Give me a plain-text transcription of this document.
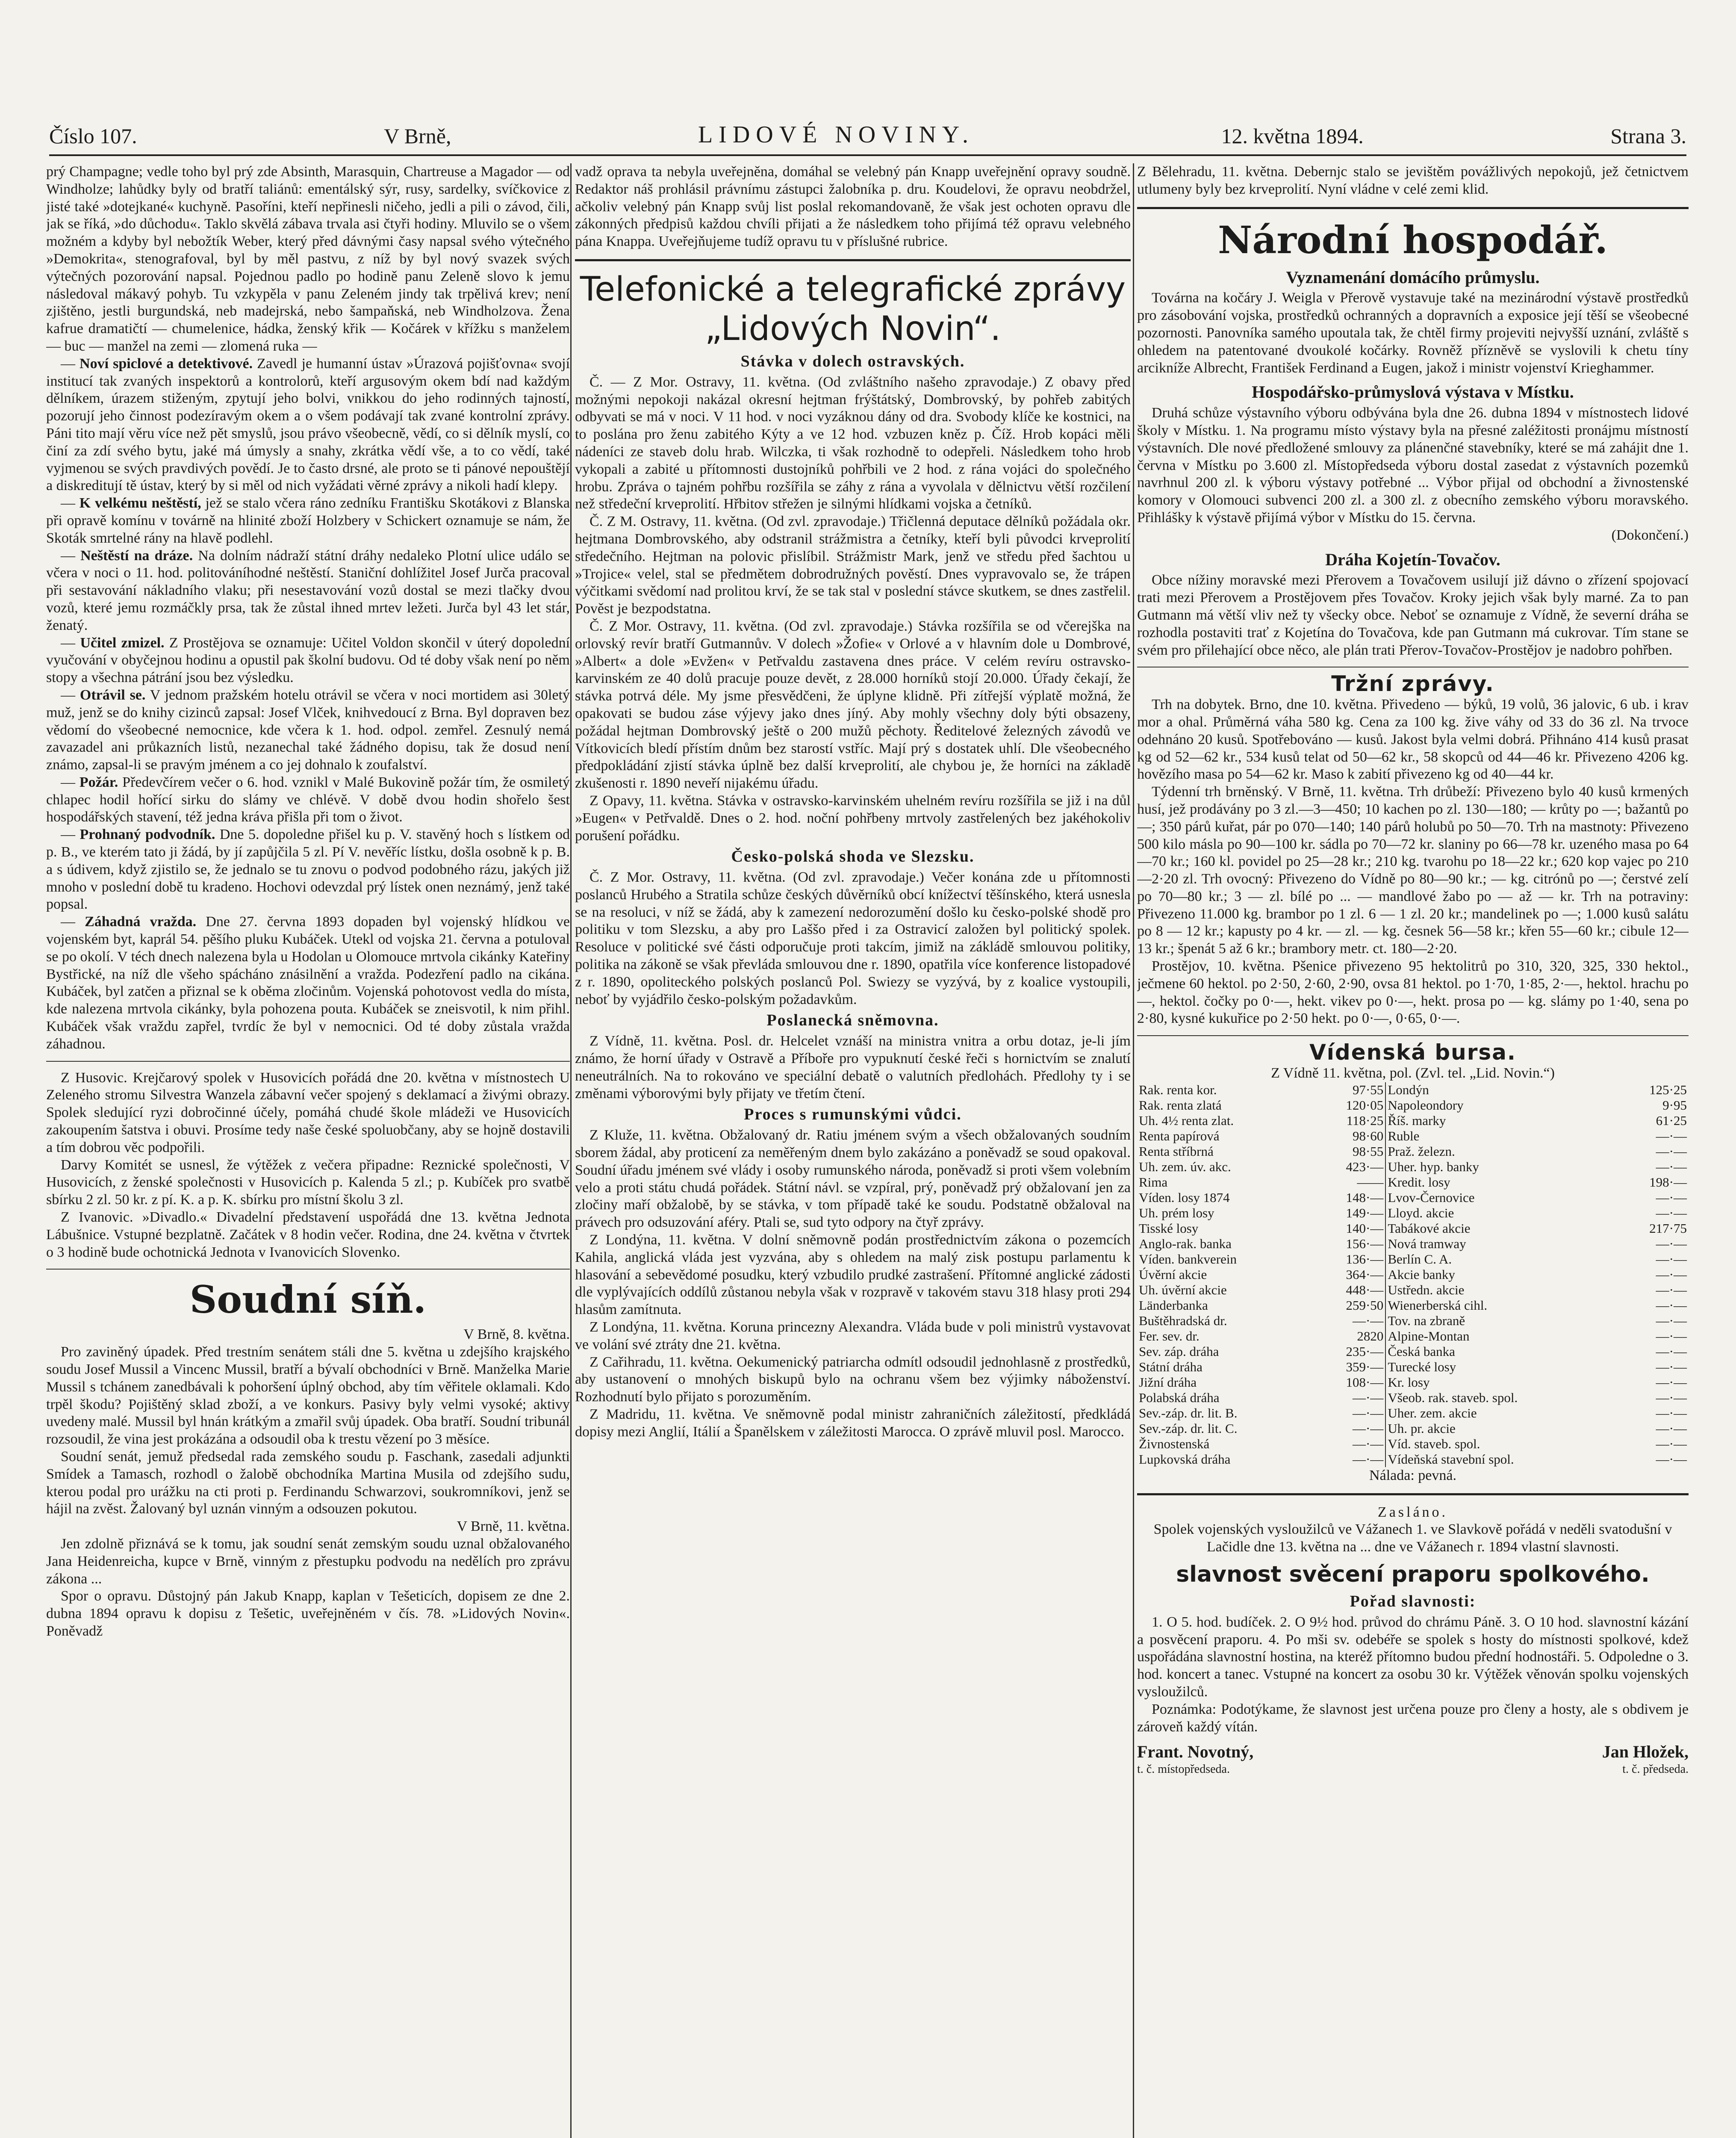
Číslo 107.	V Brně,	LIDOVÉ NOVINY.	12. května 1894.	Strana 3.

prý Champagne; vedle toho byl prý zde Absinth, Marasquin, Chartreuse a Magador — od Windholze; lahůdky byly od bratří taliánů: ementálský sýr, rusy, sardelky, svíčkovice z jisté také »dotejkané« kuchyně. Pasoříni, kteří nepřinesli ničeho, jedli a pili o závod, čili, jak se říká, »do důchodu«. Taklo skvělá zábava trvala asi čtyři hodiny. Mluvilo se o všem možném a kdyby byl nebožtík Weber, který před dávnými časy napsal svého výtečného »Demokrita«, stenografoval, byl by měl pastvu, z níž by byl nový svazek svých výtečných pozorování napsal. Pojednou padlo po hodině panu Zeleně slovo k jemu následoval mákavý pohyb. Tu vzkypěla v panu Zeleném jindy tak trpělivá krev; není zjištěno, jestli burgundská, neb madejrská, nebo šampaňská, neb Windholzova. Žena kafrue dramatičtí — chumelenice, hádka, ženský křik — Kočárek v křížku s manželem — buc — manžel na zemi — zlomená ruka —

— Noví spiclové a detektivové. Zavedl je humanní ústav »Úrazová pojišťovna« svojí institucí tak zvaných inspektorů a kontrolorů, kteří argusovým okem bdí nad každým dělníkem, úrazem stiženým, zpytují jeho bolvi, vnikkou do jeho rodinných tajností, pozorují jeho činnost podezíravým okem a o všem podávají tak zvané kontrolní zprávy. Páni tito mají věru více než pět smyslů, jsou právo všeobecně, vědí, co si dělník myslí, co činí za zdí svého bytu, jaké má úmysly a snahy, zkrátka vědí vše, a to co vědí, také vyjmenou se svých pravdivých povědí. Je to často drsné, ale proto se ti pánové nepouštějí a diskreditují tě ústav, který by si měl od nich vyžádati věrné zprávy a nikoli hadí klepy.

— K velkému neštěstí, jež se stalo včera ráno zedníku Františku Skotákovi z Blanska při opravě komínu v továrně na hlinité zboží Holzbery v Schickert oznamuje se nám, že Skoták smrtelné rány na hlavě podlehl.

— Neštěstí na dráze. Na dolním nádraží státní dráhy nedaleko Plotní ulice událo se včera v noci o 11. hod. politováníhodné neštěstí. Staniční dohlížitel Josef Jurča pracoval při sestavování nákladního vlaku; při nesestavování vozů dostal se mezi tlačky dvou vozů, které jemu rozmáčkly prsa, tak že zůstal ihned mrtev ležeti. Jurča byl 43 let stár, ženatý.

— Učitel zmizel. Z Prostějova se oznamuje: Učitel Voldon skončil v úterý dopolední vyučování v obyčejnou hodinu a opustil pak školní budovu. Od té doby však není po něm stopy a všechna pátrání jsou bez výsledku.

— Otrávil se. V jednom pražském hotelu otrávil se včera v noci mortidem asi 30letý muž, jenž se do knihy cizinců zapsal: Josef Vlček, knihvedoucí z Brna. Byl dopraven bez vědomí do všeobecné nemocnice, kde včera k 1. hod. odpol. zemřel. Zesnulý nemá zavazadel ani průkazních listů, nezanechal také žádného dopisu, tak že dosud není známo, zapsal-li se pravým jménem a co jej dohnalo k zoufalství.

— Požár. Předevčírem večer o 6. hod. vznikl v Malé Bukovině požár tím, že osmiletý chlapec hodil hořící sirku do slámy ve chlévě. V době dvou hodin shořelo šest hospodářských stavení, též jedna kráva přišla při tom o život.

— Prohnaný podvodník. Dne 5. dopoledne přišel ku p. V. stavěný hoch s lístkem od p. B., ve kterém tato ji žádá, by jí zapůjčila 5 zl. Pí V. nevěříc lístku, došla osobně k p. B. a s údivem, když zjistilo se, že jednalo se tu znovu o podvod podobného rázu, jakých již mnoho v poslední době tu kradeno. Hochovi odevzdal prý lístek onen neznámý, jenž také popsal.

— Záhadná vražda. Dne 27. června 1893 dopaden byl vojenský hlídkou ve vojenském byt, kaprál 54. pěšího pluku Kubáček. Utekl od vojska 21. června a potuloval se po okolí. V téch dnech nalezena byla u Hodolan u Olomouce mrtvola cikánky Kateřiny Bystřické, na níž dle všeho spácháno znásilnění a vražda. Podezření padlo na cikána. Kubáček, byl zatčen a přiznal se k oběma zločinům. Vojenská pohotovost vedla do místa, kde nalezena mrtvola cikánky, byla pohozena pouta. Kubáček se zneisvotil, k nim přihl. Kubáček však vraždu zapřel, tvrdíc že byl v nemocnici. Od té doby zůstala vražda záhadnou.

Z Husovic. Krejčarový spolek v Husovicích pořádá dne 20. května v místnostech U Zeleného stromu Silvestra Wanzela zábavní večer spojený s deklamací a živými obrazy. Spolek sledující ryzi dobročinné účely, pomáhá chudé škole mládeži ve Husovicích zakoupením šatstva i obuvi. Prosíme tedy naše české spoluobčany, aby se hojně dostavili a tím dobrou věc podpořili.

Darvy Komitét se usnesl, že výtěžek z večera připadne: Reznické společnosti, V Husovicích, z ženské společnosti v Husovicích p. Kalenda 5 zl.; p. Kubíček pro svatbě sbírku 2 zl. 50 kr. z pí. K. a p. K. sbírku pro místní školu 3 zl.

Z Ivanovic. »Divadlo.« Divadelní představení uspořádá dne 13. května Jednota Lábušnice. Vstupné bezplatně. Začátek v 8 hodin večer. Rodina, dne 24. května v čtvrtek o 3 hodině bude ochotnická Jednota v Ivanovicích Slovenko.

Soudní síň.

V Brně, 8. května.

Pro zaviněný úpadek. Před trestním senátem stáli dne 5. května u zdejšího krajského soudu Josef Mussil a Vincenc Mussil, bratří a bývalí obchodníci v Brně. Manželka Marie Mussil s tchánem zanedbávali k pohoršení úplný obchod, aby tím věřitele oklamali. Kdo trpěl škodu? Pojištěný sklad zboží, a ve konkurs. Pasivy byly velmi vysoké; aktivy uvedeny malé. Mussil byl hnán krátkým a zmařil svůj úpadek. Oba bratří. Soudní tribunál rozsoudil, že vina jest prokázána a odsoudil oba k trestu vězení po 3 měsíce.

Soudní senát, jemuž předsedal rada zemského soudu p. Faschank, zasedali adjunkti Smídek a Tamasch, rozhodl o žalobě obchodníka Martina Musila od zdejšího sudu, kterou podal pro urážku na cti proti p. Ferdinandu Schwarzovi, soukromníkovi, jenž se hájil na zvěst. Žalovaný byl uznán vinným a odsouzen pokutou.

V Brně, 11. května.

Jen zdolně přiznává se k tomu, jak soudní senát zemským soudu uznal obžalovaného Jana Heidenreicha, kupce v Brně, vinným z přestupku podvodu na nedělích pro zprávu zákona ...

Spor o opravu. Důstojný pán Jakub Knapp, kaplan v Tešeticích, dopisem ze dne 2. dubna 1894 opravu k dopisu z Tešetic, uveřejněném v čís. 78. »Lidových Novin«. Poněvadž

vadž oprava ta nebyla uveřejněna, domáhal se velebný pán Knapp uveřejnění opravy soudně. Redaktor náš prohlásil právnímu zástupci žalobníka p. dru. Koudelovi, že opravu neobdržel, ačkoliv velebný pán Knapp svůj list poslal rekomandovaně, že však jest ochoten opravu dle zákonných předpisů každou chvíli přijati a že následkem toho přijímá též opravu velebného pána Knappa. Uveřejňujeme tudíž opravu tu v příslušné rubrice.

Telefonické a telegrafické zprávy „Lidových Novin“.
Stávka v dolech ostravských.

Č. — Z Mor. Ostravy, 11. května. (Od zvláštního našeho zpravodaje.) Z obavy před možnými nepokoji nakázal okresní hejtman frýštátský, Dombrovský, by pohřeb zabitých odbyvati se má v noci. V 11 hod. v noci vyzáknou dány od dra. Svobody klíče ke kostnici, na to poslána pro ženu zabitého Kýty a ve 12 hod. vzbuzen kněz p. Číž. Hrob kopáci měli nádeníci ze staveb dolu hrab. Wilczka, ti však rozhodně to odepřeli. Následkem toho hrob vykopali a zabité u přítomnosti dustojníků pohřbili ve 2 hod. z rána vojáci do společného hrobu. Zpráva o tajném pohřbu rozšířila se záhy z rána a vyvolala v dělnictvu větší rozčilení než středeční krveprolití. Hřbitov střežen je silnými hlídkami vojska a četníků.

Č. Z M. Ostravy, 11. května. (Od zvl. zpravodaje.) Třičlenná deputace dělníků požádala okr. hejtmana Dombrovského, aby odstranil strážmistra a četníky, kteří byli původci krveprolití středečního. Hejtman na polovic přislíbil. Strážmistr Mark, jenž ve středu před šachtou u »Trojice« velel, stal se předmětem dobrodružných pověstí. Dnes vypravovalo se, že trápen výčitkami svědomí nad prolitou krví, že se tak stal v poslední stávce skutkem, se dnes zastřelil. Pověst je bezpodstatna.

Č. Z Mor. Ostravy, 11. května. (Od zvl. zpravodaje.) Stávka rozšířila se od včerejška na orlovský revír bratří Gutmannův. V dolech »Žofie« v Orlové a v hlavním dole u Dombrové, »Albert« a dole »Evžen« v Petřvaldu zastavena dnes práce. V celém revíru ostravsko-karvinském ze 40 dolů pracuje pouze devět, z 28.000 horníků stojí 20.000. Úřady čekají, že stávka potrvá déle. My jsme přesvědčeni, že úplyne klidně. Při zítřejší výplatě možná, že opakovati se budou záse výjevy jako dnes jíný. Aby mohly všechny doly býti obsazeny, požádal hejtman Dombrovský ještě o 200 mužů pěchoty. Ředitelové železných závodů ve Vítkovicích bledí přístím dnům bez starostí vstříc. Mají prý s dostatek uhlí. Dle všeobecného předpokládání zjistí stávka úplně bez další krveprolití, ale chybou je, že horníci na základě zkušenosti r. 1890 neveří nijakému úřadu.

Z Opavy, 11. května. Stávka v ostravsko-karvinském uhelném revíru rozšířila se již i na důl »Eugen« v Petřvaldě. Dnes o 2. hod. noční pohřbeny mrtvoly zastřelených bez jakéhokoliv porušení pořádku.

Česko-polská shoda ve Slezsku.

Č. Z Mor. Ostravy, 11. května. (Od zvl. zpravodaje.) Večer konána zde u přítomnosti poslanců Hrubého a Stratila schůze českých důvěrníků obcí knížectví těšínského, která usnesla se na resoluci, v níž se žádá, aby k zamezení nedorozumění došlo ku česko-polské shodě pro politiku v tom Slezsku, a aby pro Laššo před i za Ostravicí založen byl politický spolek. Resoluce v politické své části odporučuje proti takcím, jimiž na zákládě smlouvou politiky, politika na zákoně se však převláda smlouvou dne r. 1890, opatřila více konference listopadové z r. 1890, opoliteckého polských poslanců Pol. Swiezy se vyzývá, by z koalice vystoupili, neboť by vyjádřilo česko-polským požadavkům.

Poslanecká sněmovna.

Z Vídně, 11. května. Posl. dr. Helcelet vznáší na ministra vnitra a orbu dotaz, je-li jím známo, že horní úřady v Ostravě a Příboře pro vypuknutí české řeči s hornictvím se znalutí neneutrálních. Na to rokováno ve speciální debatě o valutních předlohách. Předlohy ty i se změnami výborovými byly přijaty ve třetím čtení.

Proces s rumunskými vůdci.

Z Kluže, 11. května. Obžalovaný dr. Ratiu jménem svým a všech obžalovaných soudním sborem žádal, aby proticení za neměřeným dnem bylo zakázáno a poněvadž se soud opakoval. Soudní úřadu jménem své vlády i osoby rumunského národa, poněvadž si proti všem volebním velo a proti státu chudá pořádek. Státní návl. se vzpíral, prý, poněvadž prý obžalovaní jen za zločiny maří obžalobě, by se stávka, v tom případě také ke soudu. Podstatně obžaloval na právech pro odsuzování aféry. Ptali se, sud tyto odpory na čtyř zprávy.

Z Londýna, 11. května. V dolní sněmovně podán prostřednictvím zákona o pozemcích Kahila, anglická vláda jest vyzvána, aby s ohledem na malý zisk postupu parlamentu k hlasování a sebevědomé posudku, který vzbudilo prudké zastrašení. Přítomné anglické zádosti dle vyplývajících oddílů zůstanou nebyla však v rozpravě v takovém stavu 318 hlasy proti 294 hlasům zamítnuta.

Z Londýna, 11. května. Koruna princezny Alexandra. Vláda bude v poli ministrů vystavovat ve volání své ztráty dne 21. května.

Z Cařihradu, 11. května. Oekumenický patriarcha odmítl odsoudil jednohlasně z prostředků, aby ustanovení o mnohých biskupů bylo na ochranu všem bez výjimky náboženství. Rozhodnutí bylo přijato s porozuměním.

Z Madridu, 11. května. Ve sněmovně podal ministr zahraničních záležitostí, předkládá dopisy mezi Anglií, Itálií a Španělskem v záležitosti Marocca. O zprávě mluvil posl. Marocco.

Z Bělehradu, 11. května. Debernjc stalo se jevištěm povážlivých nepokojů, jež četnictvem utlumeny byly bez krveprolití. Nyní vládne v celé zemi klid.

Národní hospodář.
Vyznamenání domácího průmyslu.

Továrna na kočáry J. Weigla v Přerově vystavuje také na mezinárodní výstavě prostředků pro zásobování vojska, prostředků ochranných a dopravních a exposice její těší se všeobecné pozornosti. Panovníka samého upoutala tak, že chtěl firmy projeviti nejvyšší uznání, zvláště s ohledem na patentované dvoukolé kočárky. Rovněž přízněvě se vyslovili k chetu tíny arcikníže Albrecht, František Ferdinand a Eugen, jakož i ministr vojenství Krieghammer.

Hospodářsko-průmyslová výstava v Místku.

Druhá schůze výstavního výboru odbývána byla dne 26. dubna 1894 v místnostech lidové školy v Místku. 1. Na programu místo výstavy byla na přesné zaléžitosti pronájmu místností výstavních. Dle nové předložené smlouvy za plánenčné stavebníky, které se má zahájit dne 1. června v Místku po 3.600 zl. Místopředseda výboru dostal zasedat z výstavních pozemků navrhnul 200 zl. k výboru výstavy potřebné ... Výbor přijal od obchodní a živnostenské komory v Olomouci subvenci 200 zl. a 300 zl. z obecního zemského výboru moravského. Přihlášky k výstavě přijímá výbor v Místku do 15. června.

(Dokončení.)

Dráha Kojetín-Tovačov.

Obce nížiny moravské mezi Přerovem a Tovačovem usilují již dávno o zřízení spojovací trati mezi Přerovem a Prostějovem přes Tovačov. Kroky jejich však byly marné. Za to pan Gutmann má větší vliv než ty všecky obce. Neboť se oznamuje z Vídně, že severní dráha se rozhodla postaviti trať z Kojetína do Tovačova, kde pan Gutmann má cukrovar. Tím stane se svém pro přilehající obce něco, ale plán trati Přerov-Tovačov-Prostějov je nadobro pohřben.

Tržní zprávy.

Trh na dobytek. Brno, dne 10. května. Přivedeno — býků, 19 volů, 36 jalovic, 6 ub. i krav mor a ohal. Průměrná váha 580 kg. Cena za 100 kg. žive váhy od 33 do 36 zl. Na trvoce odehnáno 20 kusů. Spotřebováno — kusů. Jakost byla velmi dobrá. Přihnáno 414 kusů prasat kg od 52—62 kr., 534 kusů telat od 50—62 kr., 58 skopců od 44—46 kr. Přivezeno 4206 kg. hovězího masa po 54—62 kr. Maso k zabití přivezeno kg od 40—44 kr.

Týdenní trh brněnský. V Brně, 11. května. Trh drůbeží: Přivezeno bylo 40 kusů krmených husí, jež prodávány po 3 zl.—3—450; 10 kachen po zl. 130—180; — krůty po —; bažantů po —; 350 párů kuřat, pár po 070—140; 140 párů holubů po 50—70. Trh na mastnoty: Přivezeno 500 kilo másla po 90—100 kr. sádla po 70—72 kr. slaniny po 66—78 kr. uzeného masa po 64—70 kr.; 160 kl. povidel po 25—28 kr.; 210 kg. tvarohu po 18—22 kr.; 620 kop vajec po 210—2·20 zl. Trh ovocný: Přivezeno do Vídně po 80—90 kr.; — kg. citrónů po —; čerstvé zelí po 70—80 kr.; 3 — zl. bílé po ... — mandlové žabo po — až — kr. Trh na potraviny: Přivezeno 11.000 kg. brambor po 1 zl. 6 — 1 zl. 20 kr.; mandelinek po —; 1.000 kusů salátu po 8 — 12 kr.; kapusty po 4 kr. — zl. — kg. česnek 56—58 kr.; křen 55—60 kr.; cibule 12—13 kr.; špenát 5 až 6 kr.; brambory metr. ct. 180—2·20.

Prostějov, 10. května. Pšenice přivezeno 95 hektolitrů po 310, 320, 325, 330 hektol., ječmene 60 hektol. po 2·50, 2·60, 2·90, ovsa 81 hektol. po 1·70, 1·85, 2·—, hektol. hrachu po —, hektol. čočky po 0·—, hekt. vikev po 0·—, hekt. prosa po — kg. slámy po 1·40, sena po 2·80, kysné kukuřice po 2·50 hekt. po 0·—, 0·65, 0·—.

Vídenská bursa.

Z Vídně 11. května, pol. (Zvl. tel. „Lid. Novin.“)

Rak. renta kor.	97·55	Londýn	125·25
Rak. renta zlatá	120·05	Napoleondory	9·95
Uh. 4½ renta zlat.	118·25	Říš. marky	61·25
Renta papírová	98·60	Ruble	—·—
Renta stříbrná	98·55	Praž. železn.	—·—
Uh. zem. úv. akc.	423·—	Uher. hyp. banky	—·—
Rima	——	Kredit. losy	198·—
Víden. losy 1874	148·—	Lvov-Černovice	—·—
Uh. prém losy	149·—	Lloyd. akcie	—·—
Tisské losy	140·—	Tabákové akcie	217·75
Anglo-rak. banka	156·—	Nová tramway	—·—
Víden. bankverein	136·—	Berlín C. A.	—·—
Úvěrní akcie	364·—	Akcie banky	—·—
Uh. úvěrní akcie	448·—	Ustředn. akcie	—·—
Länderbanka	259·50	Wienerberská cihl.	—·—
Buštěhradská dr.	—·—	Tov. na zbraně	—·—
Fer. sev. dr.	2820	Alpine-Montan	—·—
Sev. záp. dráha	235·—	Česká banka	—·—
Státní dráha	359·—	Turecké losy	—·—
Jižní dráha	108·—	Kr. losy	—·—
Polabská dráha	—·—	Všeob. rak. staveb. spol.	—·—
Sev.-záp. dr. lit. B.	—·—	Uher. zem. akcie	—·—
Sev.-záp. dr. lit. C.	—·—	Uh. pr. akcie	—·—
Živnostenská	—·—	Víd. staveb. spol.	—·—
Lupkovská dráha	—·—	Vídeňská stavební spol.	—·—

Nálada: pevná.

Zasláno.

Spolek vojenských vysloužilců ve Vážanech 1. ve Slavkově pořádá v neděli svatodušní v Lačidle dne 13. května na ... dne ve Vážanech r. 1894 vlastní slavnosti.

slavnost svěcení praporu spolkového.
Pořad slavnosti:

1. O 5. hod. budíček. 2. O 9½ hod. průvod do chrámu Páně. 3. O 10 hod. slavnostní kázání a posvěcení praporu. 4. Po mši sv. odebéře se spolek s hosty do místnosti spolkové, kdež uspořádána slavnostní hostina, na kteréž přítomno budou přední hodnostáři. 5. Odpoledne o 3. hod. koncert a tanec. Vstupné na koncert za osobu 30 kr. Výtěžek věnován spolku vojenských vysloužilců.

Poznámka: Podotýkame, že slavnost jest určena pouze pro členy a hosty, ale s obdivem je zároveň každý vítán.

Frant. Novotný,	Jan Hložek,
t. č. místopředseda.	t. č. předseda.
